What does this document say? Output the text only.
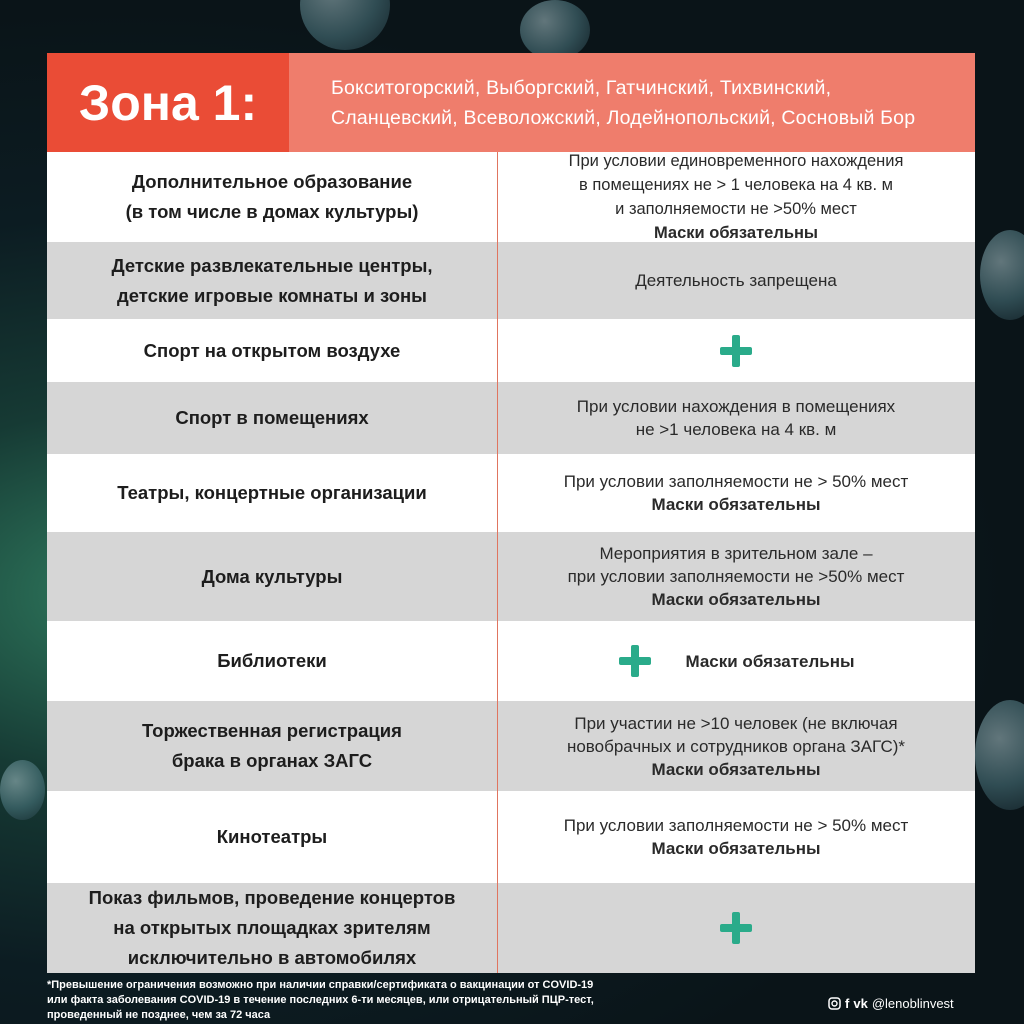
Зона 1:	Бокситогорский, Выборгский, Гатчинский, Тихвинский,
Сланцевский, Всеволожский, Лодейнопольский, Сосновый Бор
Дополнительное образование
(в том числе в домах культуры)
При условии единовременного нахождения
в помещениях не > 1 человека на 4 кв. м
и заполняемости не >50% мест
Маски обязательны
Детские развлекательные центры,
детские игровые комнаты и зоны
Деятельность запрещена
Спорт на открытом воздухе
Спорт в помещениях
При условии нахождения в помещениях
не >1 человека на 4 кв. м
Театры, концертные организации
При условии заполняемости не > 50% мест
Маски обязательны
Дома культуры
Мероприятия в зрительном зале –
при условии заполняемости не >50% мест
Маски обязательны
Библиотеки	Маски обязательны
Торжественная регистрация
брака в органах ЗАГС
При участии не >10 человек (не включая
новобрачных и сотрудников органа ЗАГС)*
Маски обязательны
Кинотеатры
При условии заполняемости не > 50% мест
Маски обязательны
Показ фильмов, проведение концертов
на открытых площадках зрителям
исключительно в автомобилях
*Превышение ограничения возможно при наличии справки/сертификата о вакцинации от COVID-19
или факта заболевания COVID-19 в течение последних 6-ти месяцев, или отрицательный ПЦР-тест,
проведенный не позднее, чем за 72 часа
f vk @lenoblinvest
